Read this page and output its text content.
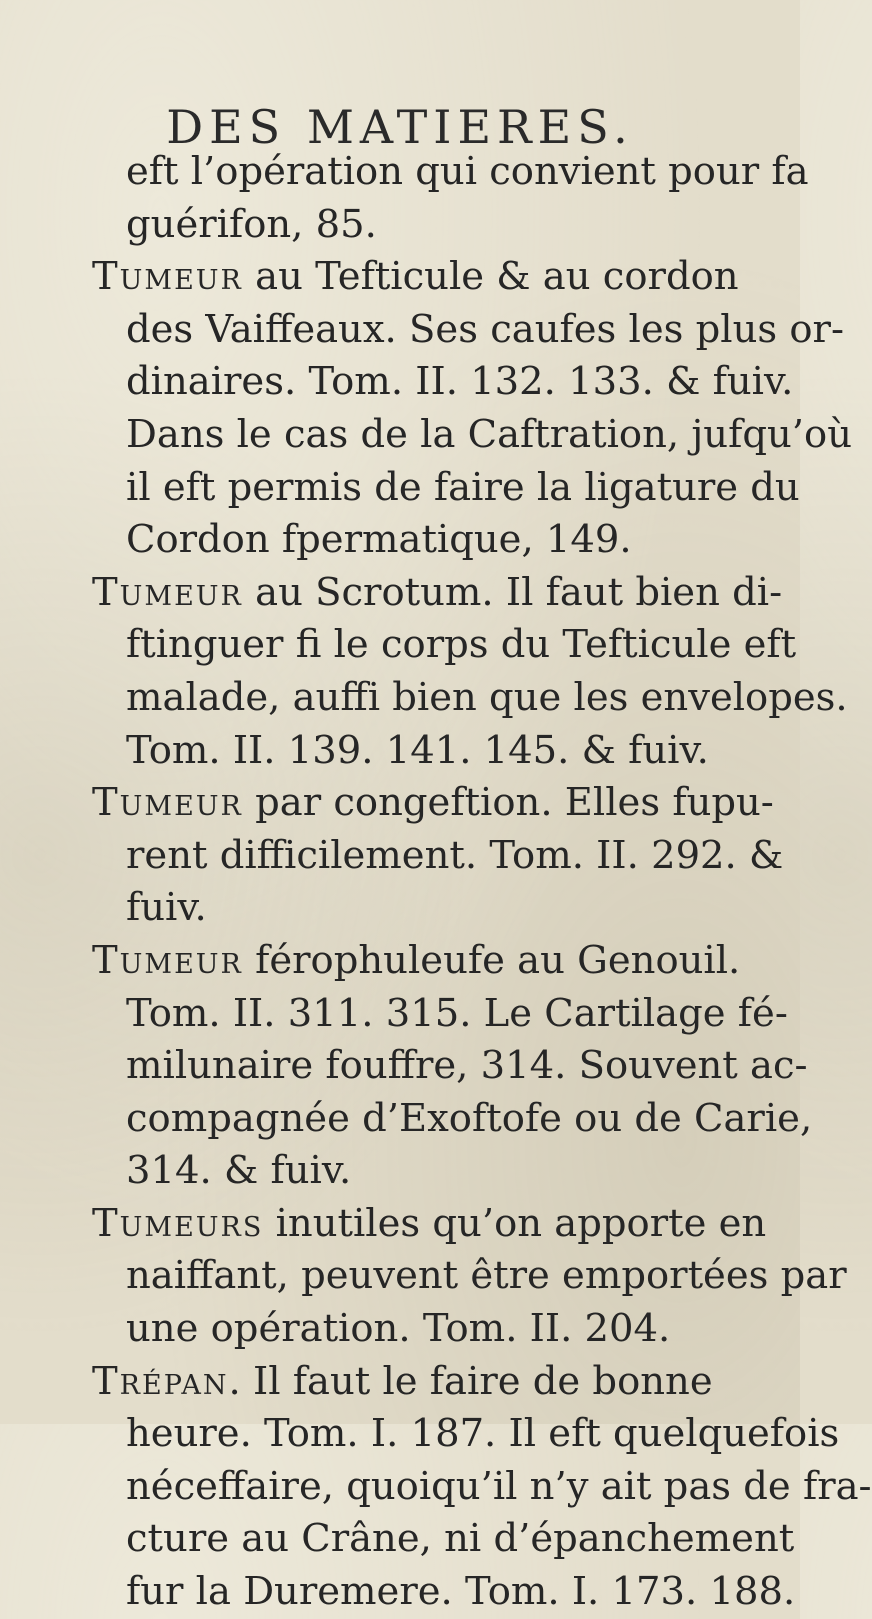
DES MATIERES.
eft l’opération qui convient pour fa
guérifon, 85.
Tumeur au Tefticule & au cordon
des Vaiffeaux. Ses caufes les plus or-
dinaires. Tom. II. 132. 133. & fuiv.
Dans le cas de la Caftration, jufqu’où
il eft permis de faire la ligature du
Cordon fpermatique, 149.
Tumeur au Scrotum. Il faut bien di-
ftinguer fi le corps du Tefticule eft
malade, auffi bien que les envelopes.
Tom. II. 139. 141. 145. & fuiv.
Tumeur par congeftion. Elles fupu-
rent difficilement. Tom. II. 292. &
fuiv.
Tumeur férophuleufe au Genouil.
Tom. II. 311. 315. Le Cartilage fé-
milunaire fouffre, 314. Souvent ac-
compagnée d’Exoftofe ou de Carie,
314. & fuiv.
Tumeurs inutiles qu’on apporte en
naiffant, peuvent être emportées par
une opération. Tom. II. 204.
Trépan. Il faut le faire de bonne
heure. Tom. I. 187. Il eft quelquefois
néceffaire, quoiqu’il n’y ait pas de fra-
cture au Crâne, ni d’épanchement
fur la Duremere. Tom. I. 173. 188.
